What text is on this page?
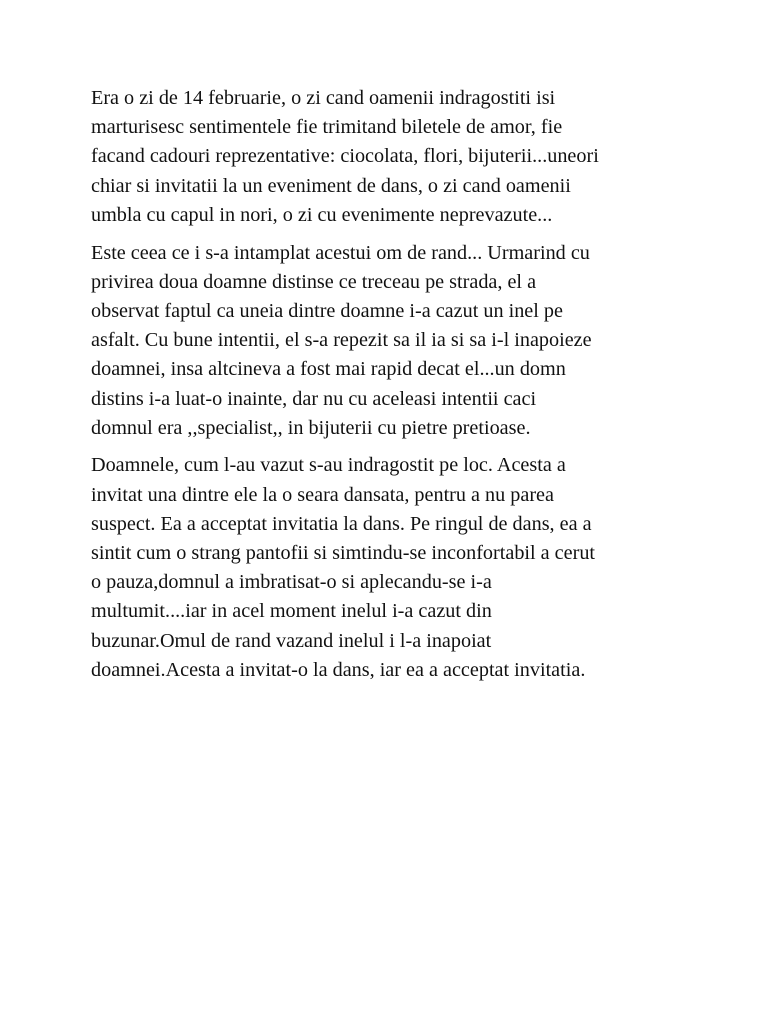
Era o zi de 14 februarie, o zi cand oamenii indragostiti isi
marturisesc sentimentele fie trimitand biletele de amor, fie
facand cadouri reprezentative: ciocolata, flori, bijuterii...uneori
chiar si invitatii la un eveniment de dans, o zi cand oamenii
umbla cu capul in nori, o zi cu evenimente neprevazute...

Este ceea ce i s-a intamplat acestui om de rand... Urmarind cu
privirea doua doamne distinse ce treceau pe strada, el a
observat faptul ca uneia dintre doamne i-a cazut un inel pe
asfalt. Cu bune intentii, el s-a repezit sa il ia si sa i-l inapoieze
doamnei, insa altcineva a fost mai rapid decat el...un domn
distins i-a luat-o inainte, dar nu cu aceleasi intentii caci
domnul era ,,specialist,, in bijuterii cu pietre pretioase.

Doamnele, cum l-au vazut s-au indragostit pe loc. Acesta a
invitat una dintre ele la o seara dansata, pentru a nu parea
suspect. Ea a acceptat invitatia la dans. Pe ringul de dans, ea a
sintit cum o strang pantofii si simtindu-se inconfortabil a cerut
o pauza,domnul a imbratisat-o si aplecandu-se i-a
multumit....iar in acel moment inelul i-a cazut din
buzunar.Omul de rand vazand inelul i l-a inapoiat
doamnei.Acesta a invitat-o la dans, iar ea a acceptat invitatia.
